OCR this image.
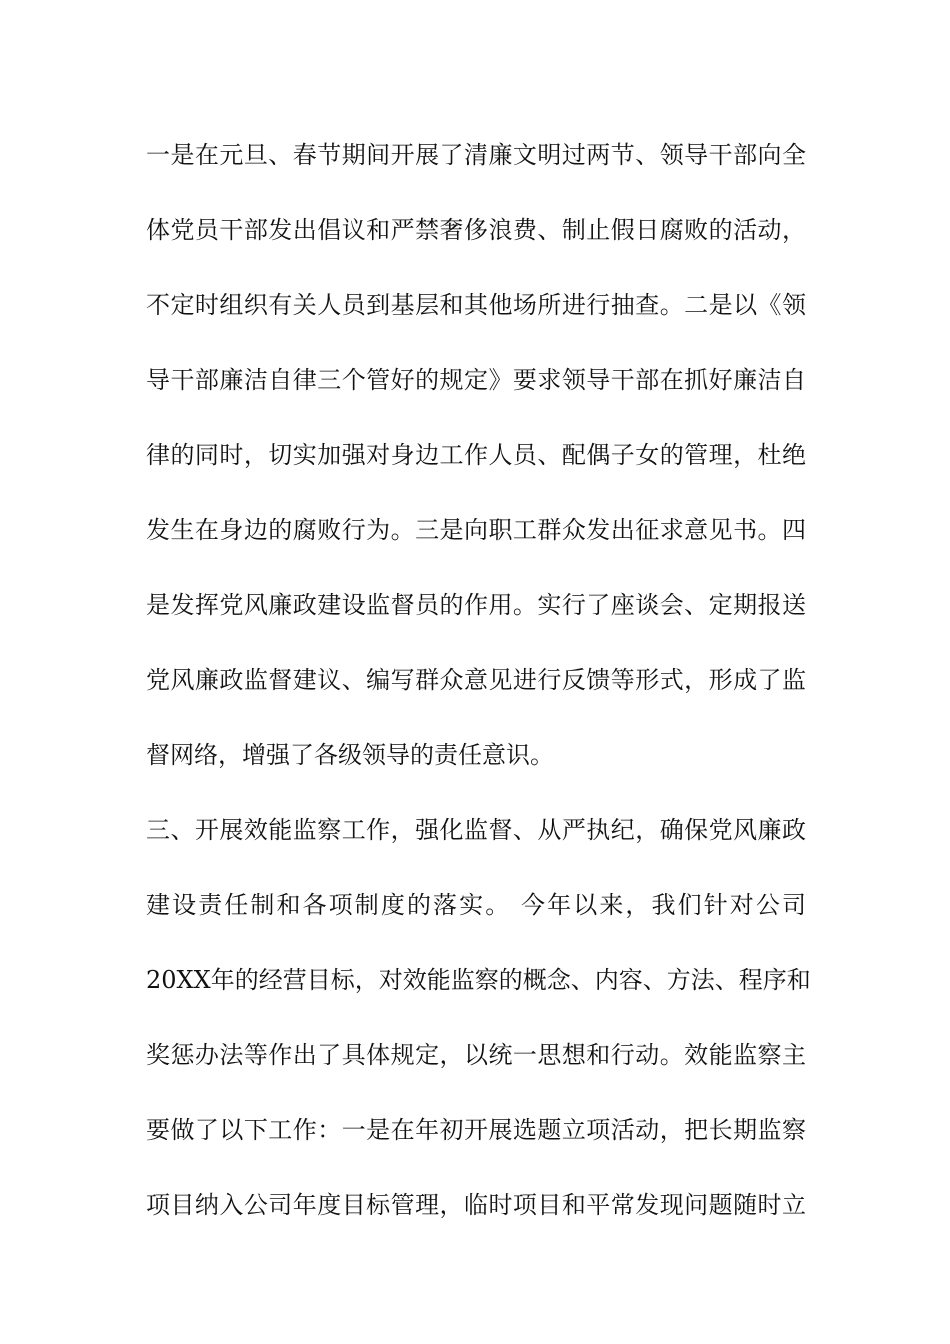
一是在元旦、春节期间开展了清廉文明过两节、领导干部向全

体党员干部发出倡议和严禁奢侈浪费、制止假日腐败的活动，

不定时组织有关人员到基层和其他场所进行抽查。二是以《领

导干部廉洁自律三个管好的规定》要求领导干部在抓好廉洁自

律的同时，切实加强对身边工作人员、配偶子女的管理，杜绝

发生在身边的腐败行为。三是向职工群众发出征求意见书。四

是发挥党风廉政建设监督员的作用。实行了座谈会、定期报送

党风廉政监督建议、编写群众意见进行反馈等形式，形成了监

督网络，增强了各级领导的责任意识。

三、开展效能监察工作，强化监督、从严执纪，确保党风廉政

建设责任制和各项制度的落实。 今年以来，我们针对公司

20XX年的经营目标，对效能监察的概念、内容、方法、程序和

奖惩办法等作出了具体规定，以统一思想和行动。效能监察主

要做了以下工作：一是在年初开展选题立项活动，把长期监察

项目纳入公司年度目标管理，临时项目和平常发现问题随时立
